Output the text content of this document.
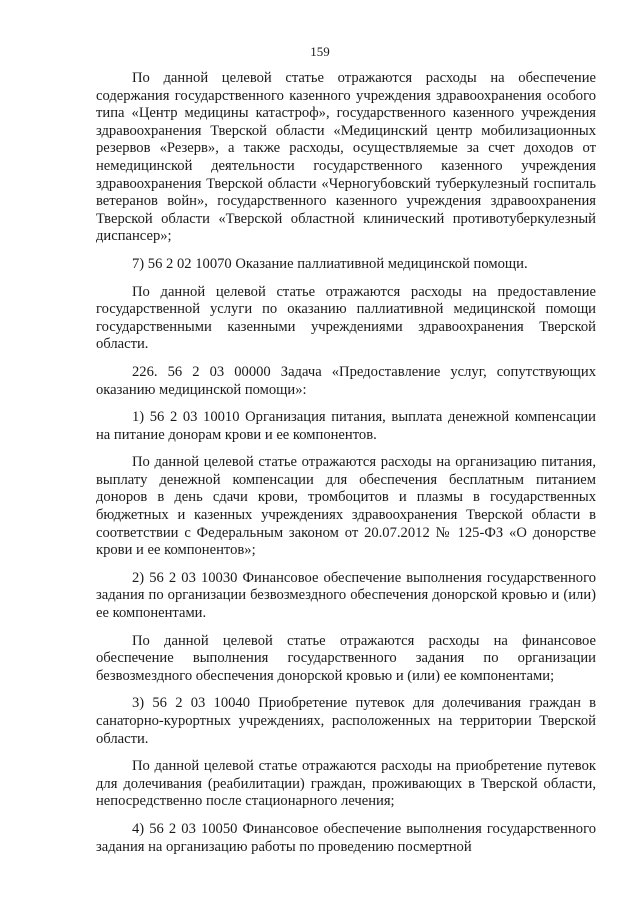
159

По данной целевой статье отражаются расходы на обеспечение содержания государственного казенного учреждения здравоохранения особого типа «Центр медицины катастроф», государственного казенного учреждения здравоохранения Тверской области «Медицинский центр мобилизационных резервов «Резерв», а также расходы, осуществляемые за счет доходов от немедицинской деятельности государственного казенного учреждения здравоохранения Тверской области «Черногубовский туберкулезный госпиталь ветеранов войн», государственного казенного учреждения здравоохранения Тверской области «Тверской областной клинический противотуберкулезный диспансер»;

7) 56 2 02 10070 Оказание паллиативной медицинской помощи.

По данной целевой статье отражаются расходы на предоставление государственной услуги по оказанию паллиативной медицинской помощи государственными казенными учреждениями здравоохранения Тверской области.

226. 56 2 03 00000 Задача «Предоставление услуг, сопутствующих оказанию медицинской помощи»:

1) 56 2 03 10010 Организация питания, выплата денежной компенсации на питание донорам крови и ее компонентов.

По данной целевой статье отражаются расходы на организацию питания, выплату денежной компенсации для обеспечения бесплатным питанием доноров в день сдачи крови, тромбоцитов и плазмы в государственных бюджетных и казенных учреждениях здравоохранения Тверской области в соответствии с Федеральным законом от 20.07.2012 № 125-ФЗ «О донорстве крови и ее компонентов»;

2) 56 2 03 10030 Финансовое обеспечение выполнения государственного задания по организации безвозмездного обеспечения донорской кровью и (или) ее компонентами.

По данной целевой статье отражаются расходы на финансовое обеспечение выполнения государственного задания по организации безвозмездного обеспечения донорской кровью и (или) ее компонентами;

3) 56 2 03 10040 Приобретение путевок для долечивания граждан в санаторно-курортных учреждениях, расположенных на территории Тверской области.

По данной целевой статье отражаются расходы на приобретение путевок для долечивания (реабилитации) граждан, проживающих в Тверской области, непосредственно после стационарного лечения;

4) 56 2 03 10050 Финансовое обеспечение выполнения государственного задания на организацию работы по проведению посмертной
